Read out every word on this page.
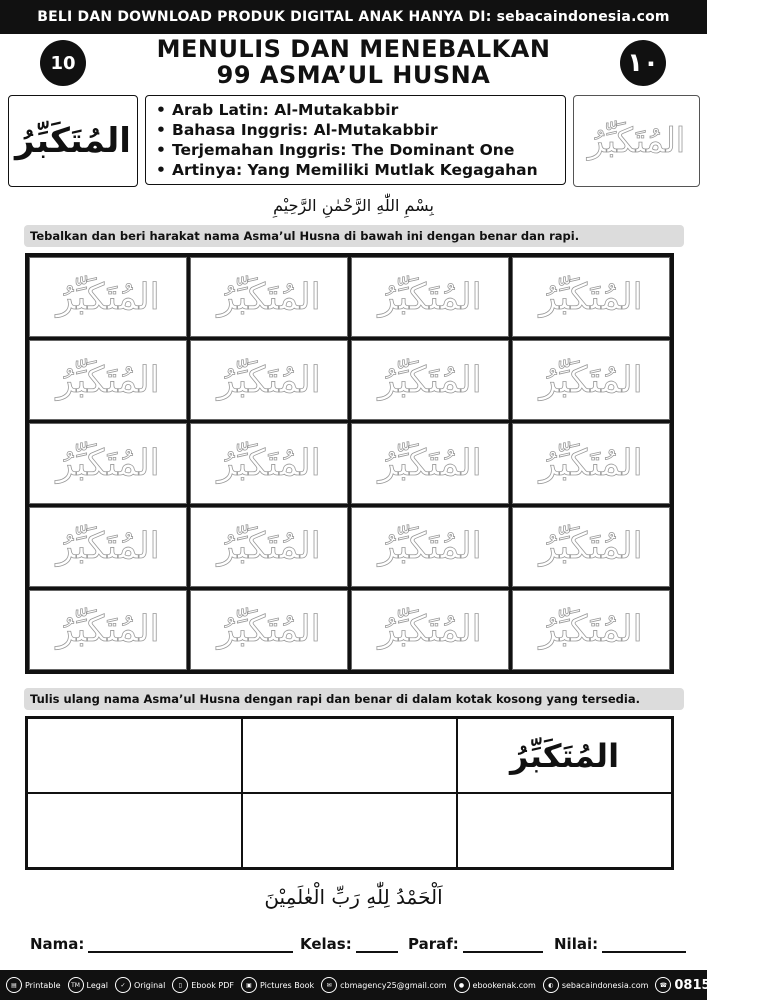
BELI DAN DOWNLOAD PRODUK DIGITAL ANAK HANYA DI: sebacaindonesia.com
10	١٠
MENULIS DAN MENEBALKAN
99 ASMA’UL HUSNA
المُتَكَبِّرُ
• Arab Latin: Al-Mutakabbir
• Bahasa Inggris: Al-Mutakabbir
• Terjemahan Inggris: The Dominant One
• Artinya: Yang Memiliki Mutlak Kegagahan
المُتَكَبِّرُ
بِسْمِ اللّٰهِ الرَّحْمٰنِ الرَّحِيْمِ
Tebalkan dan beri harakat nama Asma’ul Husna di bawah ini dengan benar dan rapi.
المُتَكَبِّرُ المُتَكَبِّرُ المُتَكَبِّرُ المُتَكَبِّرُ
المُتَكَبِّرُ المُتَكَبِّرُ المُتَكَبِّرُ المُتَكَبِّرُ
المُتَكَبِّرُ المُتَكَبِّرُ المُتَكَبِّرُ المُتَكَبِّرُ
المُتَكَبِّرُ المُتَكَبِّرُ المُتَكَبِّرُ المُتَكَبِّرُ
المُتَكَبِّرُ المُتَكَبِّرُ المُتَكَبِّرُ المُتَكَبِّرُ
Tulis ulang nama Asma’ul Husna dengan rapi dan benar di dalam kotak kosong yang tersedia.
المُتَكَبِّرُ
اَلْحَمْدُ لِلّٰهِ رَبِّ الْعٰلَمِيْنَ
Nama:	Kelas:	Paraf:	Nilai:
▤	Printable	TM Legal	✓	Original	▯	Ebook PDF	▣	Pictures Book	✉	cbmagency25@gmail.com	●	ebookenak.com	◐	sebacaindonesia.com	☎ 0815 6148 165
